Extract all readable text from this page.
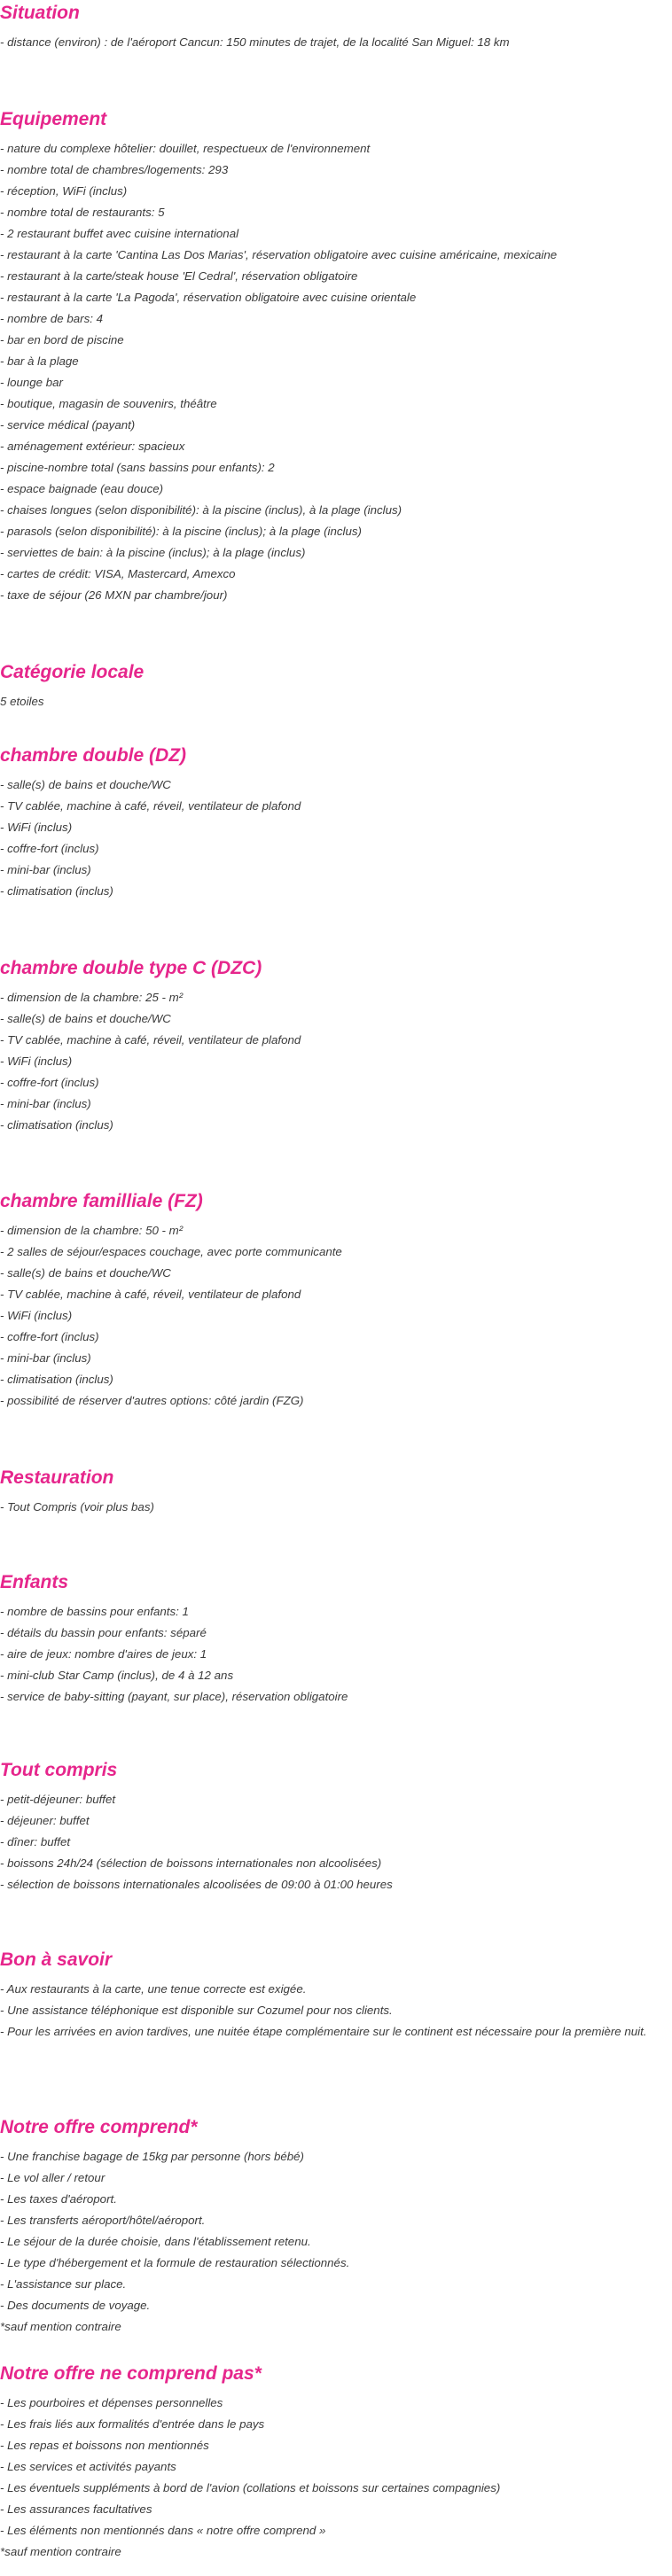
Situation
- distance (environ) : de l'aéroport Cancun: 150 minutes de trajet, de la localité San Miguel: 18 km
Equipement
- nature du complexe hôtelier: douillet, respectueux de l'environnement
- nombre total de chambres/logements: 293
- réception, WiFi (inclus)
- nombre total de restaurants: 5
- 2 restaurant buffet avec cuisine international
- restaurant à la carte 'Cantina Las Dos Marias', réservation obligatoire avec cuisine américaine, mexicaine
- restaurant à la carte/steak house 'El Cedral', réservation obligatoire
- restaurant à la carte 'La Pagoda', réservation obligatoire avec cuisine orientale
- nombre de bars: 4
- bar en bord de piscine
- bar à la plage
- lounge bar
- boutique, magasin de souvenirs, théâtre
- service médical (payant)
- aménagement extérieur: spacieux
- piscine-nombre total (sans bassins pour enfants): 2
- espace baignade (eau douce)
- chaises longues (selon disponibilité): à la piscine (inclus), à la plage (inclus)
- parasols (selon disponibilité): à la piscine (inclus); à la plage (inclus)
- serviettes de bain: à la piscine (inclus); à la plage (inclus)
- cartes de crédit: VISA, Mastercard, Amexco
- taxe de séjour (26 MXN par chambre/jour)
Catégorie locale
5 etoiles
chambre double (DZ)
- salle(s) de bains et douche/WC
- TV cablée, machine à café, réveil, ventilateur de plafond
- WiFi (inclus)
- coffre-fort (inclus)
- mini-bar (inclus)
- climatisation (inclus)
chambre double type C (DZC)
- dimension de la chambre: 25 - m²
- salle(s) de bains et douche/WC
- TV cablée, machine à café, réveil, ventilateur de plafond
- WiFi (inclus)
- coffre-fort (inclus)
- mini-bar (inclus)
- climatisation (inclus)
chambre familliale (FZ)
- dimension de la chambre: 50 - m²
- 2 salles de séjour/espaces couchage, avec porte communicante
- salle(s) de bains et douche/WC
- TV cablée, machine à café, réveil, ventilateur de plafond
- WiFi (inclus)
- coffre-fort (inclus)
- mini-bar (inclus)
- climatisation (inclus)
- possibilité de réserver d'autres options: côté jardin (FZG)
Restauration
- Tout Compris (voir plus bas)
Enfants
- nombre de bassins pour enfants: 1
- détails du bassin pour enfants: séparé
- aire de jeux: nombre d'aires de jeux: 1
- mini-club Star Camp (inclus), de 4 à 12 ans
- service de baby-sitting (payant, sur place), réservation obligatoire
Tout compris
- petit-déjeuner: buffet
- déjeuner: buffet
- dîner: buffet
- boissons 24h/24 (sélection de boissons internationales non alcoolisées)
- sélection de boissons internationales alcoolisées de 09:00 à 01:00 heures
Bon à savoir
- Aux restaurants à la carte, une tenue correcte est exigée.
- Une assistance téléphonique est disponible sur Cozumel pour nos clients.
- Pour les arrivées en avion tardives, une nuitée étape complémentaire sur le continent est nécessaire pour la première nuit.
Notre offre comprend*
- Une franchise bagage de 15kg par personne (hors bébé)
- Le vol aller / retour
- Les taxes d'aéroport.
- Les transferts aéroport/hôtel/aéroport.
- Le séjour de la durée choisie, dans l'établissement retenu.
- Le type d'hébergement et la formule de restauration sélectionnés.
- L'assistance sur place.
- Des documents de voyage.
*sauf mention contraire
Notre offre ne comprend pas*
- Les pourboires et dépenses personnelles
- Les frais liés aux formalités d'entrée dans le pays
- Les repas et boissons non mentionnés
- Les services et activités payants
- Les éventuels suppléments à bord de l'avion (collations et boissons sur certaines compagnies)
- Les assurances facultatives
- Les éléments non mentionnés dans « notre offre comprend »
*sauf mention contraire
